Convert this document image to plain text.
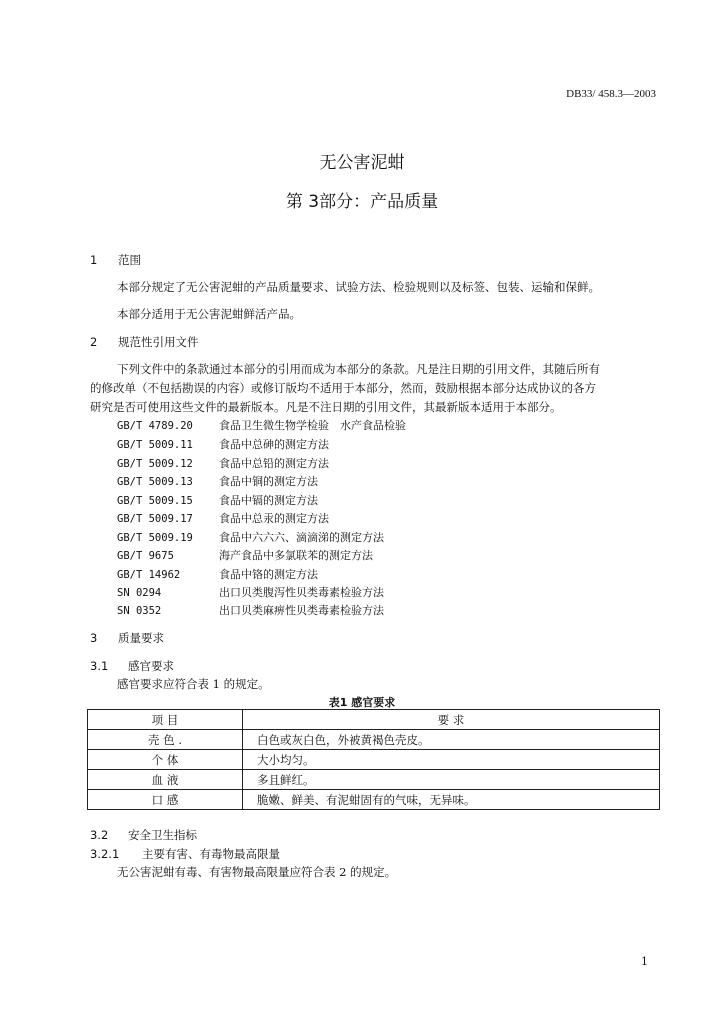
DB33/ 458.3—2003
无公害泥蚶
第 3部分：产品质量
1 范围
本部分规定了无公害泥蚶的产品质量要求、试验方法、检验规则以及标签、包装、运输和保鲜。
本部分适用于无公害泥蚶鲜活产品。
2 规范性引用文件
下列文件中的条款通过本部分的引用而成为本部分的条款。凡是注日期的引用文件，其随后所有
的修改单（不包括勘误的内容）或修订版均不适用于本部分，然而，鼓励根据本部分达成协议的各方
研究是否可使用这些文件的最新版本。凡是不注日期的引用文件，其最新版本适用于本部分。
GB/T 4789.20 食品卫生微生物学检验　水产食品检验
GB/T 5009.11 食品中总砷的测定方法
GB/T 5009.12 食品中总铅的测定方法
GB/T 5009.13 食品中铜的测定方法
GB/T 5009.15 食品中镉的测定方法
GB/T 5009.17 食品中总汞的测定方法
GB/T 5009.19 食品中六六六、滴滴涕的测定方法
GB/T 9675	海产食品中多氯联苯的测定方法
GB/T 14962	食品中铬的测定方法
SN 0294	出口贝类腹泻性贝类毒素检验方法
SN 0352	出口贝类麻痹性贝类毒素检验方法
3 质量要求
3.1 感官要求
感官要求应符合表 1 的规定。
表1 感官要求
项 目	要 求
壳 色 .	白色或灰白色，外被黄褐色壳皮。
个 体	大小均匀。
血 液	多且鲜红。
口 感	脆嫩、鲜美、有泥蚶固有的气味，无异味。
3.2 安全卫生指标
3.2.1 主要有害、有毒物最高限量
无公害泥蚶有毒、有害物最高限量应符合表 2 的规定。
1
